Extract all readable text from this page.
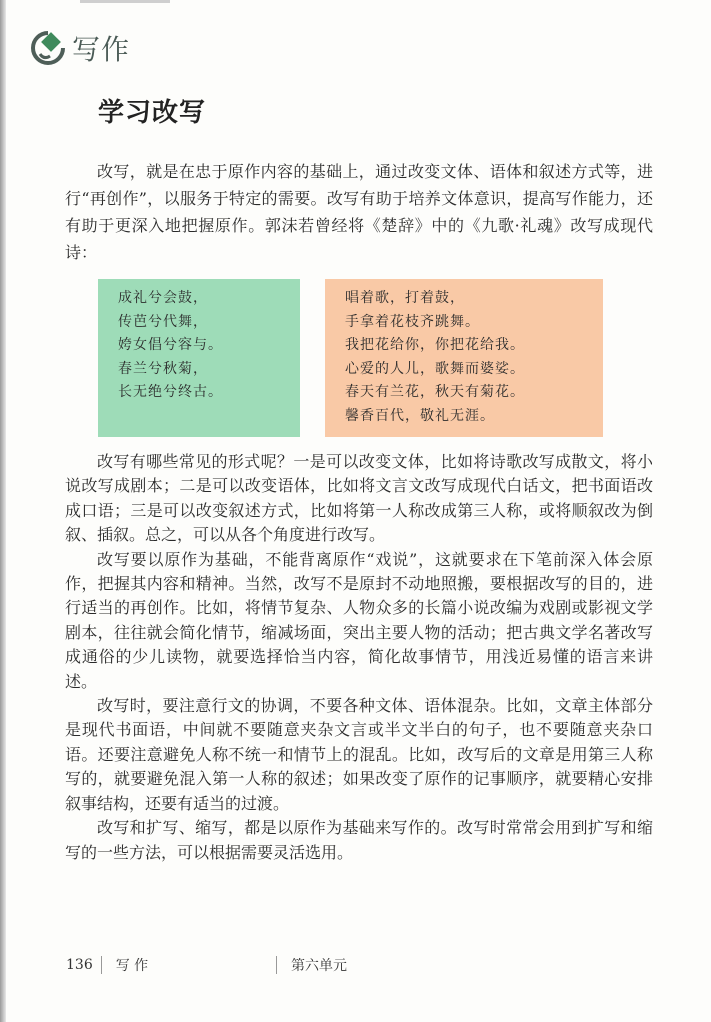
写作
学习改写

改写，就是在忠于原作内容的基础上，通过改变文体、语体和叙述方式等，进行“再创作”，以服务于特定的需要。改写有助于培养文体意识，提高写作能力，还有助于更深入地把握原作。郭沫若曾经将《楚辞》中的《九歌·礼魂》改写成现代诗：

成礼兮会鼓，
传芭兮代舞，
姱女倡兮容与。
春兰兮秋菊，
长无绝兮终古。
唱着歌，打着鼓，
手拿着花枝齐跳舞。
我把花给你，你把花给我。
心爱的人儿，歌舞而婆娑。
春天有兰花，秋天有菊花。
馨香百代，敬礼无涯。

改写有哪些常见的形式呢？一是可以改变文体，比如将诗歌改写成散文，将小说改写成剧本；二是可以改变语体，比如将文言文改写成现代白话文，把书面语改成口语；三是可以改变叙述方式，比如将第一人称改成第三人称，或将顺叙改为倒叙、插叙。总之，可以从各个角度进行改写。

改写要以原作为基础，不能背离原作“戏说”，这就要求在下笔前深入体会原作，把握其内容和精神。当然，改写不是原封不动地照搬，要根据改写的目的，进行适当的再创作。比如，将情节复杂、人物众多的长篇小说改编为戏剧或影视文学剧本，往往就会简化情节，缩减场面，突出主要人物的活动；把古典文学名著改写成通俗的少儿读物，就要选择恰当内容，简化故事情节，用浅近易懂的语言来讲述。

改写时，要注意行文的协调，不要各种文体、语体混杂。比如，文章主体部分是现代书面语，中间就不要随意夹杂文言或半文半白的句子，也不要随意夹杂口语。还要注意避免人称不统一和情节上的混乱。比如，改写后的文章是用第三人称写的，就要避免混入第一人称的叙述；如果改变了原作的记事顺序，就要精心安排叙事结构，还要有适当的过渡。

改写和扩写、缩写，都是以原作为基础来写作的。改写时常常会用到扩写和缩写的一些方法，可以根据需要灵活选用。

136 写 作	第六单元
